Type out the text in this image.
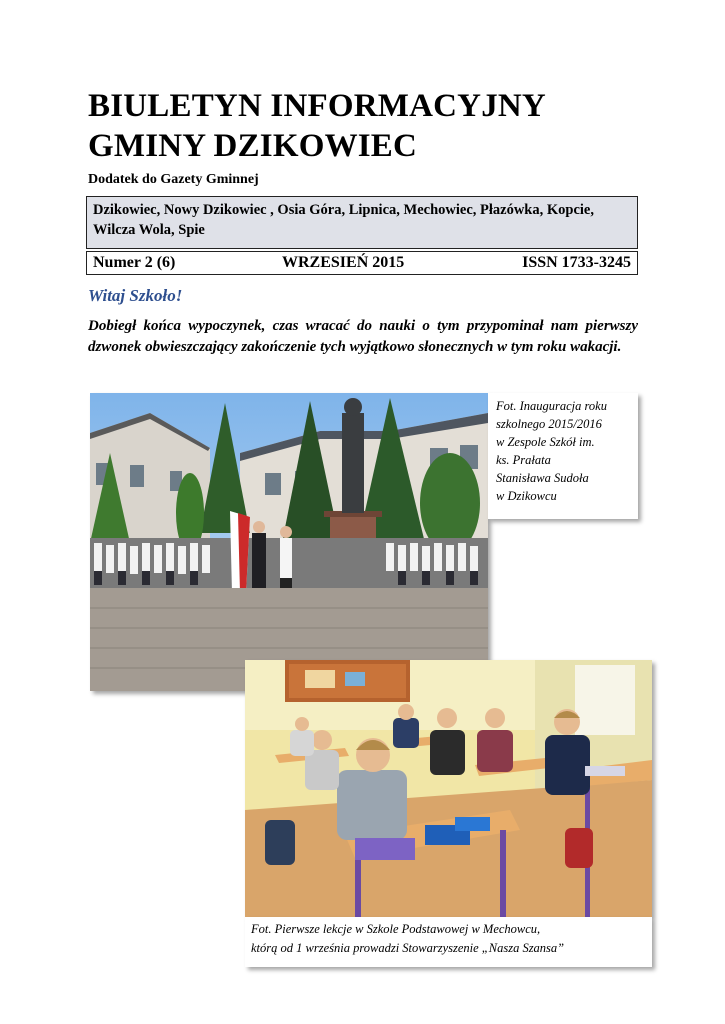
BIULETYN INFORMACYJNY
GMINY DZIKOWIEC
Dodatek do Gazety Gminnej
Dzikowiec, Nowy Dzikowiec , Osia Góra, Lipnica, Mechowiec, Płazówka, Kopcie, Wilcza Wola, Spie
Numer 2 (6)	WRZESIEŃ 2015	ISSN 1733-3245
Witaj Szkoło!
Dobiegł końca wypoczynek, czas wracać do nauki o tym przypominał nam pierwszy dzwonek obwieszczający zakończenie tych wyjątkowo słonecznych w tym roku wakacji.
Fot. Inauguracja roku
szkolnego 2015/2016
w Zespole Szkół im.
ks. Prałata
Stanisława Sudoła
w Dzikowcu
Fot. Pierwsze lekcje w Szkole Podstawowej w Mechowcu,
którą od 1 września prowadzi Stowarzyszenie „Nasza Szansa”
